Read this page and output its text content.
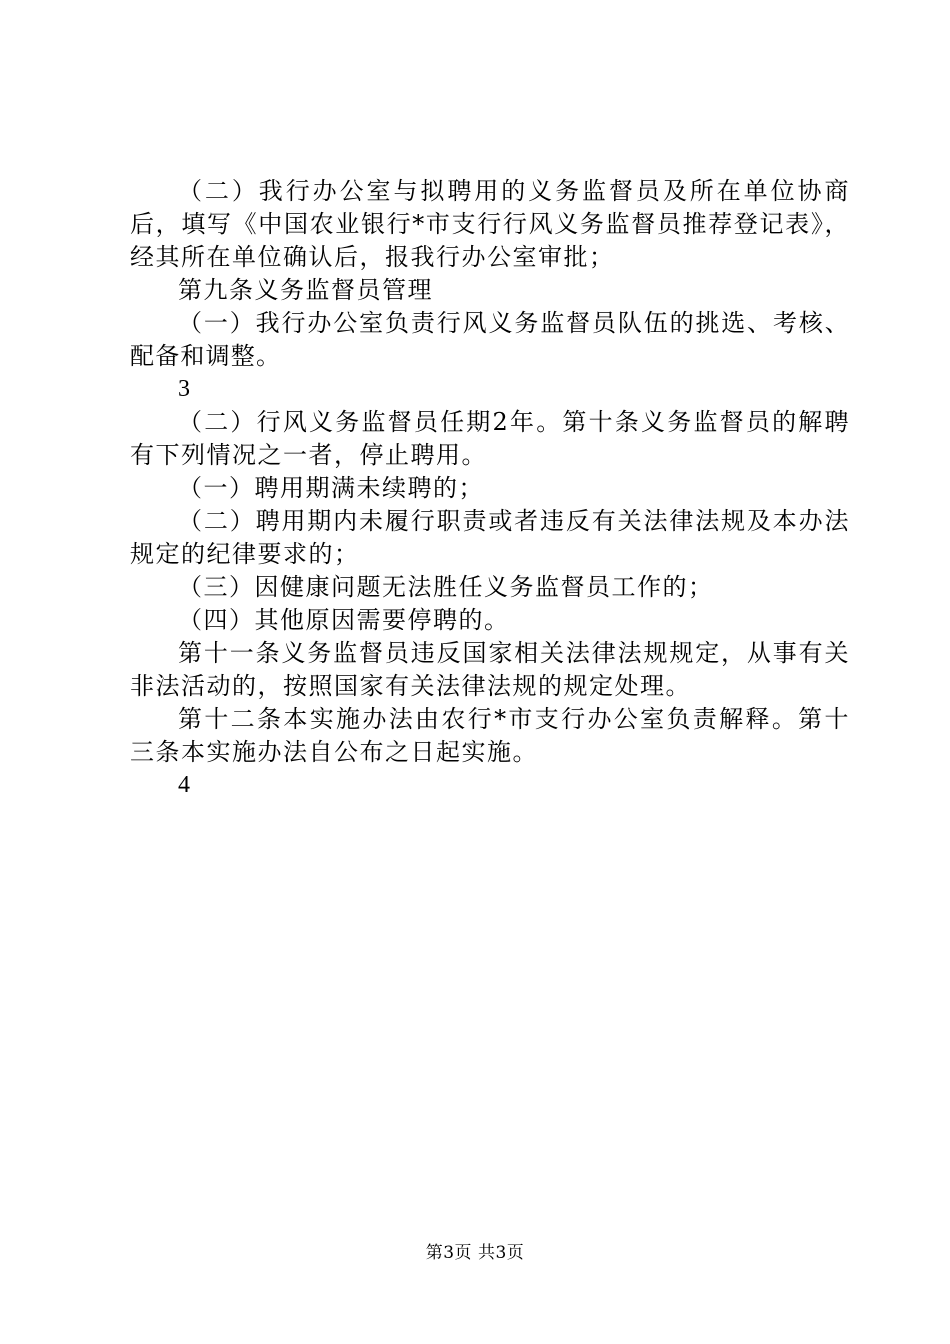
（二）我行办公室与拟聘用的义务监督员及所在单位协商后，填写《中国农业银行*市支行行风义务监督员推荐登记表》，经其所在单位确认后，报我行办公室审批；

第九条义务监督员管理

（一）我行办公室负责行风义务监督员队伍的挑选、考核、配备和调整。

3

（二）行风义务监督员任期2年。第十条义务监督员的解聘有下列情况之一者，停止聘用。

（一）聘用期满未续聘的；

（二）聘用期内未履行职责或者违反有关法律法规及本办法规定的纪律要求的；

（三）因健康问题无法胜任义务监督员工作的；

（四）其他原因需要停聘的。

第十一条义务监督员违反国家相关法律法规规定，从事有关非法活动的，按照国家有关法律法规的规定处理。

第十二条本实施办法由农行*市支行办公室负责解释。第十三条本实施办法自公布之日起实施。

4

第3页 共3页
